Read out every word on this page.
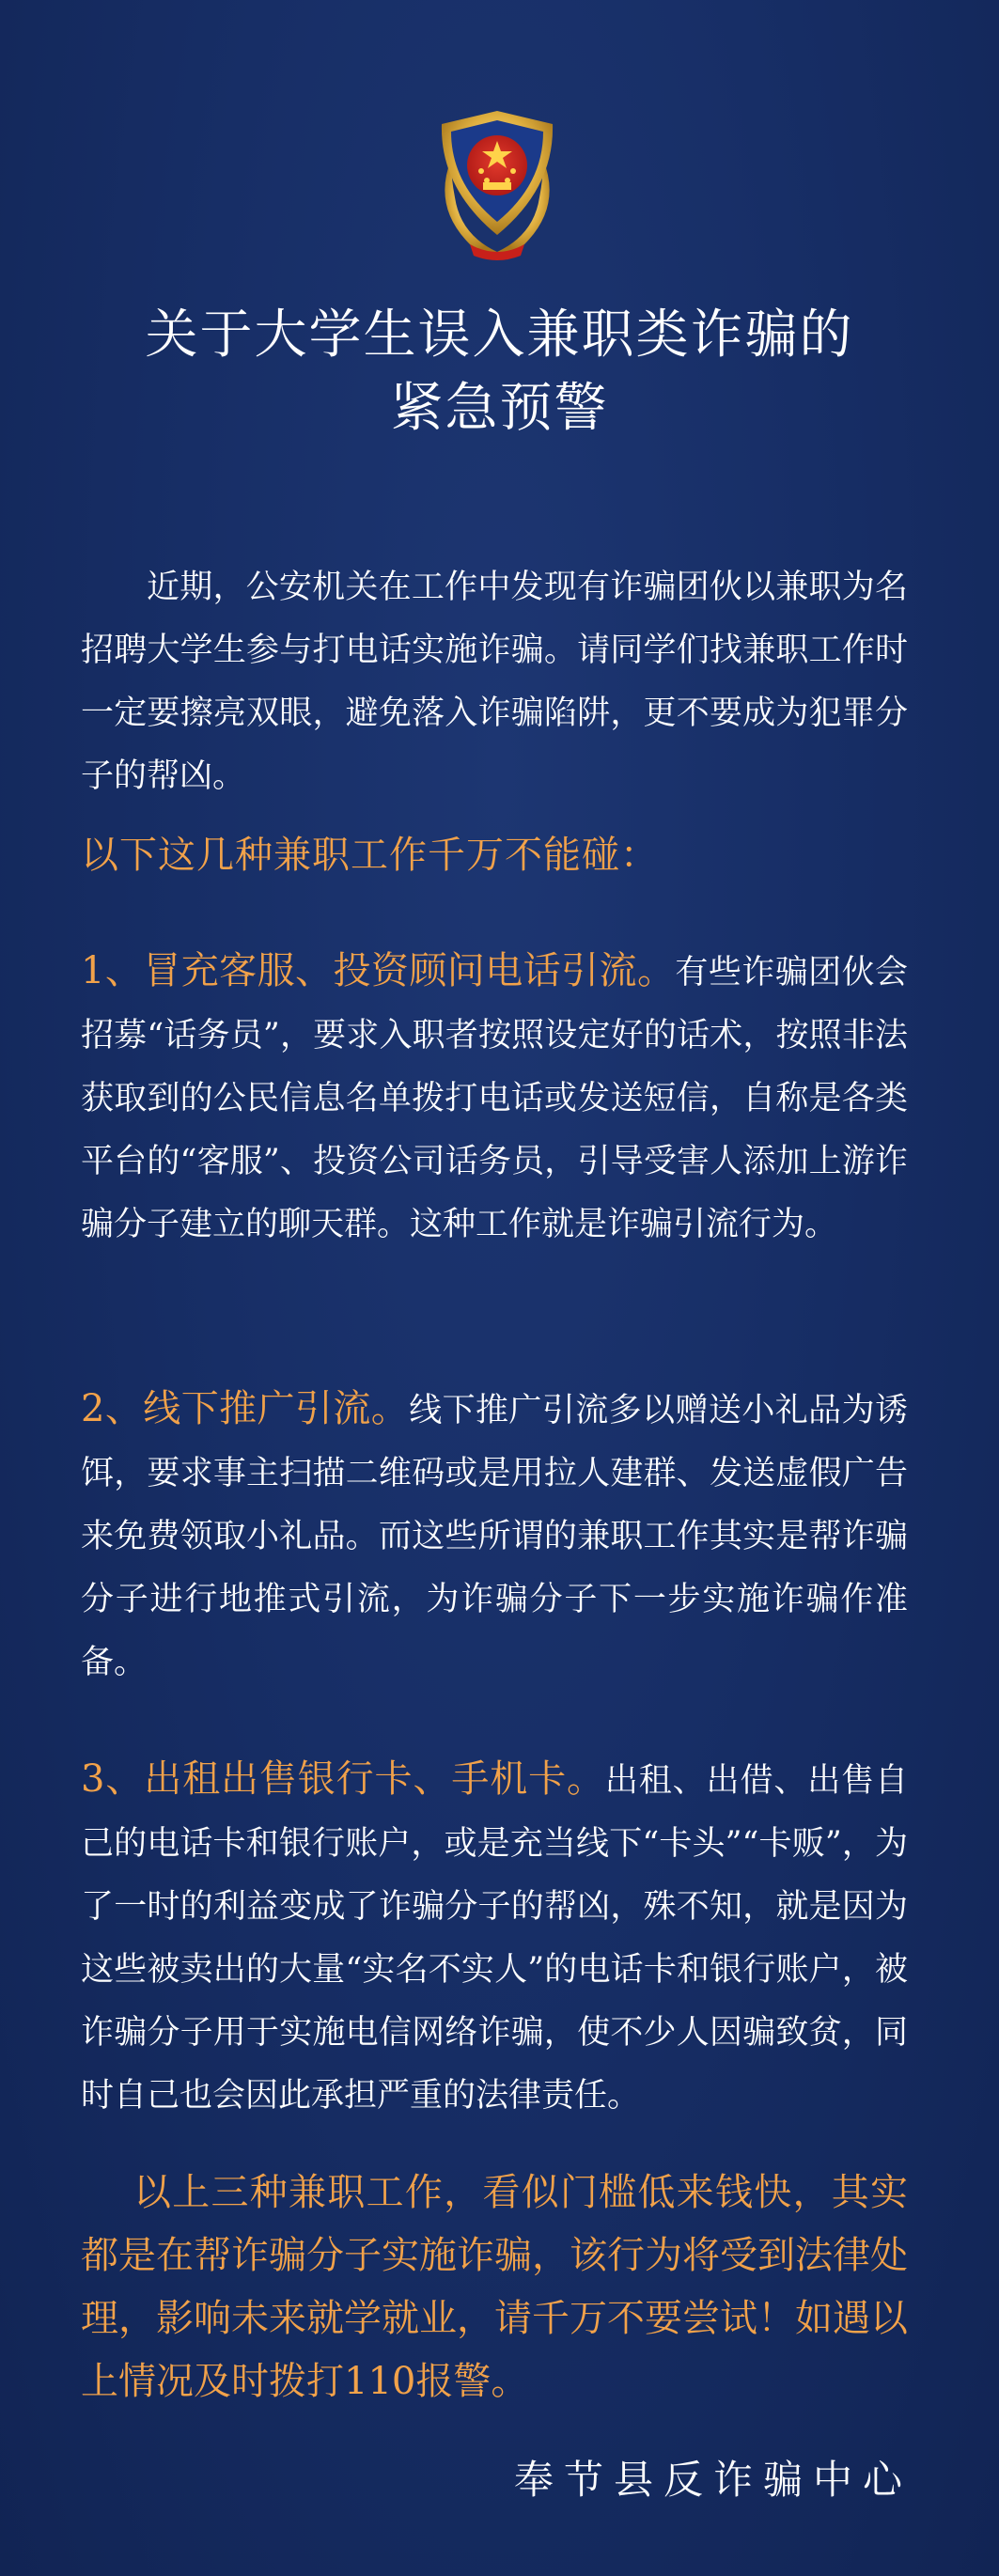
关于大学生误入兼职类诈骗的
紧急预警
近期，公安机关在工作中发现有诈骗团伙以兼职为名招聘大学生参与打电话实施诈骗。请同学们找兼职工作时一定要擦亮双眼，避免落入诈骗陷阱，更不要成为犯罪分子的帮凶。
以下这几种兼职工作千万不能碰：
1、冒充客服、投资顾问电话引流。有些诈骗团伙会招募“话务员”，要求入职者按照设定好的话术，按照非法获取到的公民信息名单拨打电话或发送短信，自称是各类平台的“客服”、投资公司话务员，引导受害人添加上游诈骗分子建立的聊天群。这种工作就是诈骗引流行为。
2、线下推广引流。线下推广引流多以赠送小礼品为诱饵，要求事主扫描二维码或是用拉人建群、发送虚假广告来免费领取小礼品。而这些所谓的兼职工作其实是帮诈骗分子进行地推式引流，为诈骗分子下一步实施诈骗作准备。
3、出租出售银行卡、手机卡。出租、出借、出售自己的电话卡和银行账户，或是充当线下“卡头”“卡贩”，为了一时的利益变成了诈骗分子的帮凶，殊不知，就是因为这些被卖出的大量“实名不实人”的电话卡和银行账户，被诈骗分子用于实施电信网络诈骗，使不少人因骗致贫，同时自己也会因此承担严重的法律责任。
以上三种兼职工作，看似门槛低来钱快，其实都是在帮诈骗分子实施诈骗，该行为将受到法律处理，影响未来就学就业，请千万不要尝试！如遇以上情况及时拨打110报警。
奉节县反诈骗中心
